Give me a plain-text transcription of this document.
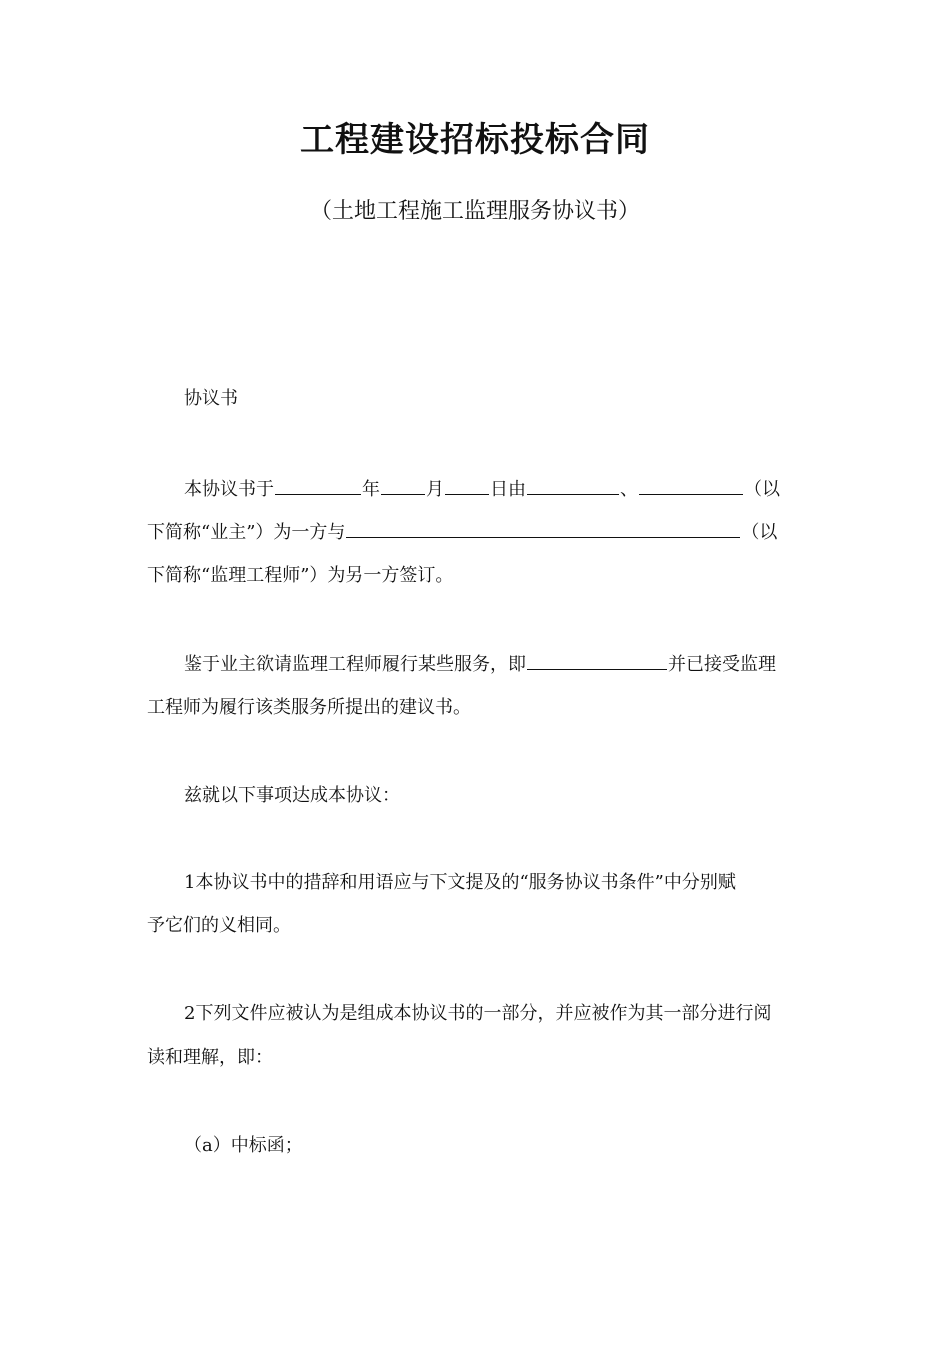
工程建设招标投标合同

（土地工程施工监理服务协议书）

协议书

本协议书于	年	月	日由	、	（以

下简称“业主”）为一方与	（以

下简称“监理工程师”）为另一方签订。

鉴于业主欲请监理工程师履行某些服务，即	并已接受监理

工程师为履行该类服务所提出的建议书。

兹就以下事项达成本协议：

1本协议书中的措辞和用语应与下文提及的“服务协议书条件”中分别赋

予它们的义相同。

2下列文件应被认为是组成本协议书的一部分，并应被作为其一部分进行阅

读和理解，即：

（a）中标函；
